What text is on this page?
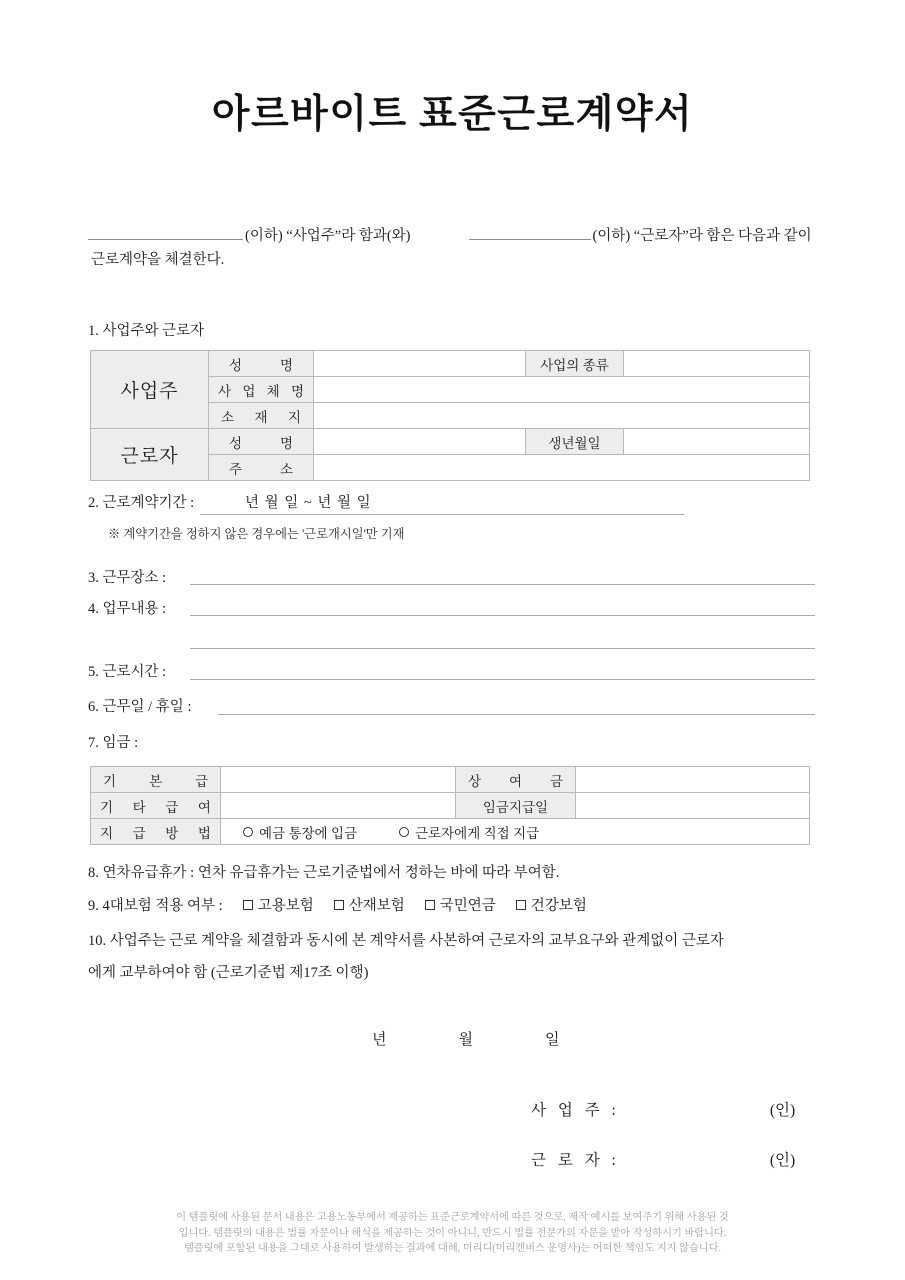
아르바이트 표준근로계약서
(이하) “사업주”라 함과(와)	(이하) “근로자”라 함은 다음과 같이
근로계약을 체결한다.
1. 사업주와 근로자
사업주	성 명		사업의 종류	

	사 업 체 명			

	소 재 지			

근로자	성 명		생년월일	

	주 소			

2. 근로계약기간 :	년 월 일 ~ 년 월 일
※ 계약기간을 정하지 않은 경우에는 '근로개시일'만 기재
3. 근무장소 :
4. 업무내용 :
5. 근로시간 :
6. 근무일 / 휴일 :
7. 임금 :
기 본 급		상 여 금	

기 타 급 여		임금지급일	

지 급 방 법	예금 통장에 입금 근로자에게 직접 지급		
8. 연차유급휴가 : 연차 유급휴가는 근로기준법에서 정하는 바에 따라 부여함.
9. 4대보험 적용 여부 : 고용보험 산재보험 국민연금 건강보험
10. 사업주는 근로 계약을 체결함과 동시에 본 계약서를 사본하여 근로자의 교부요구와 관계없이 근로자
에게 교부하여야 함 (근로기준법 제17조 이행)
년	월	일
사 업 주 :	(인)
근 로 자 :	(인)
이 템플릿에 사용된 문서 내용은 고용노동부에서 제공하는 표준근로계약서에 따른 것으로, 제작 예시를 보여주기 위해 사용된 것
입니다. 템플릿의 내용은 법률 자문이나 해석을 제공하는 것이 아니니, 반드시 법률 전문가의 자문을 받아 작성하시기 바랍니다.
템플릿에 포함된 내용을 그대로 사용하여 발생하는 결과에 대해, 미리디(미리캔버스 운영사)는 어떠한 책임도 지지 않습니다.
